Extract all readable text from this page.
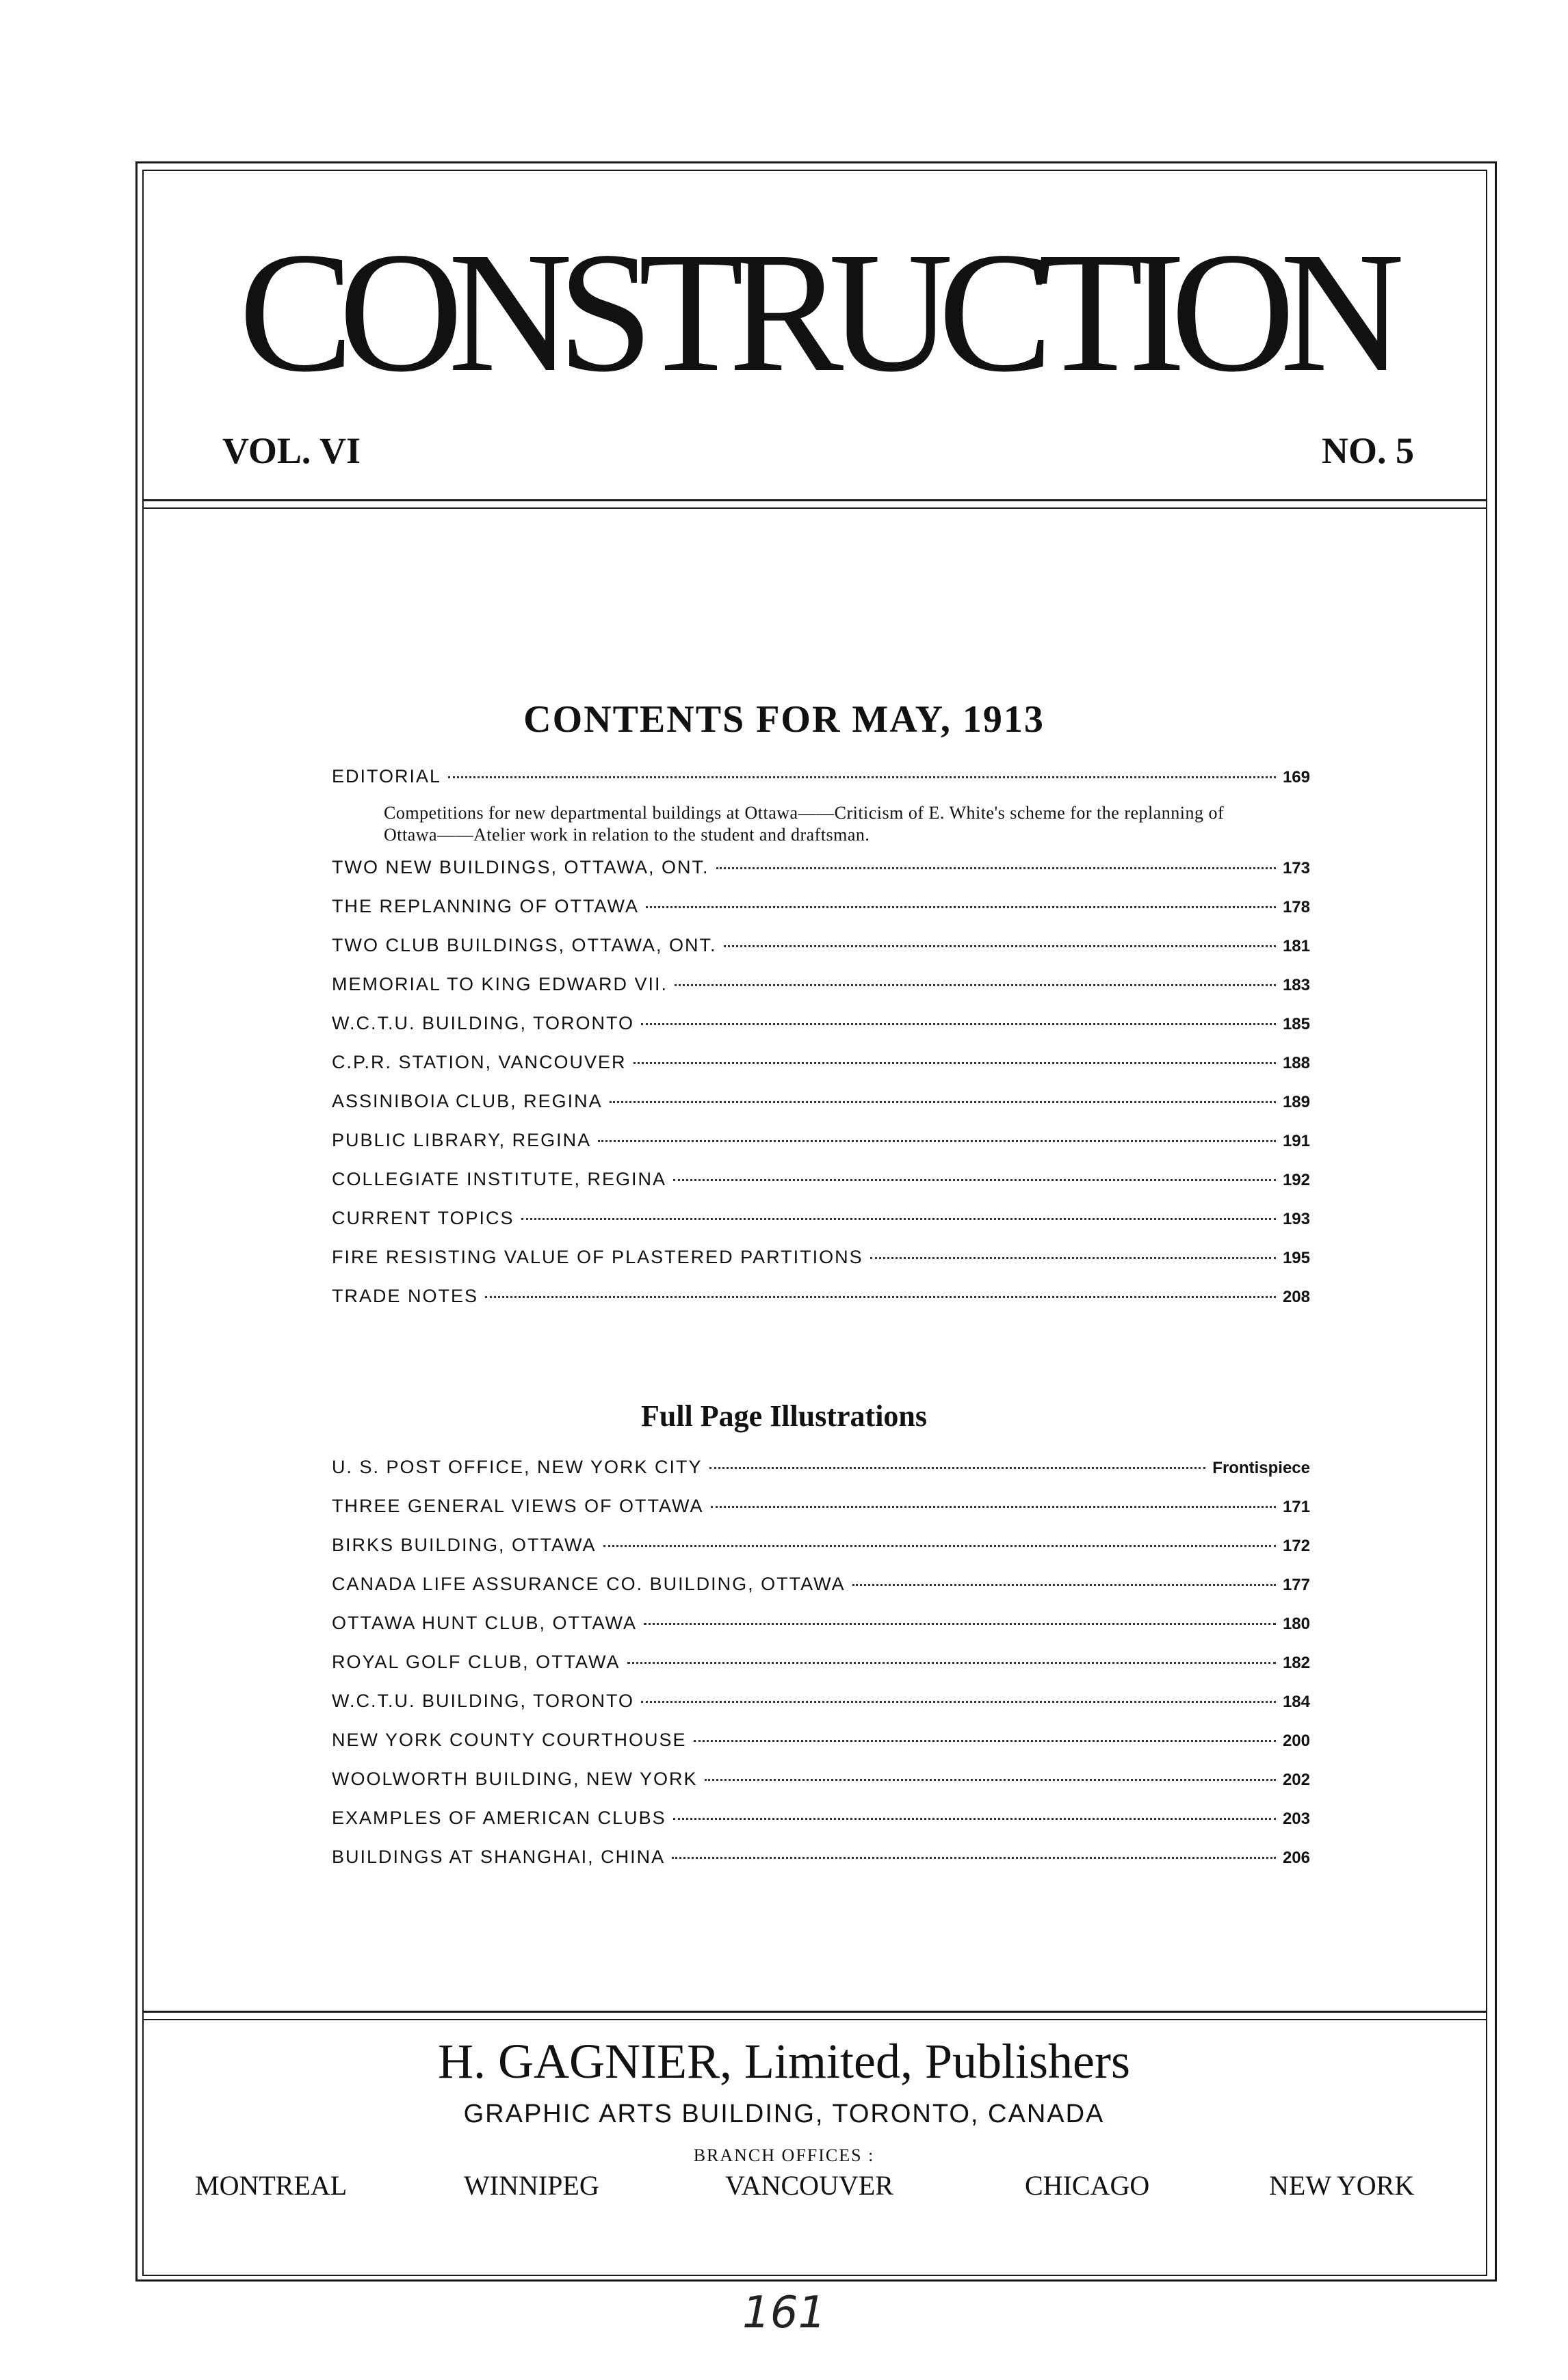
CONSTRUCTION
VOL. VI	NO. 5
CONTENTS FOR MAY, 1913
EDITORIAL	169
Competitions for new departmental buildings at Ottawa——Criticism of E. White's scheme for the replanning of Ottawa——Atelier work in relation to the student and draftsman.
TWO NEW BUILDINGS, OTTAWA, ONT.	173
THE REPLANNING OF OTTAWA	178
TWO CLUB BUILDINGS, OTTAWA, ONT.	181
MEMORIAL TO KING EDWARD VII.	183
W.C.T.U. BUILDING, TORONTO	185
C.P.R. STATION, VANCOUVER	188
ASSINIBOIA CLUB, REGINA	189
PUBLIC LIBRARY, REGINA	191
COLLEGIATE INSTITUTE, REGINA	192
CURRENT TOPICS	193
FIRE RESISTING VALUE OF PLASTERED PARTITIONS	195
TRADE NOTES	208
Full Page Illustrations
U. S. POST OFFICE, NEW YORK CITY	Frontispiece
THREE GENERAL VIEWS OF OTTAWA	171
BIRKS BUILDING, OTTAWA	172
CANADA LIFE ASSURANCE CO. BUILDING, OTTAWA	177
OTTAWA HUNT CLUB, OTTAWA	180
ROYAL GOLF CLUB, OTTAWA	182
W.C.T.U. BUILDING, TORONTO	184
NEW YORK COUNTY COURTHOUSE	200
WOOLWORTH BUILDING, NEW YORK	202
EXAMPLES OF AMERICAN CLUBS	203
BUILDINGS AT SHANGHAI, CHINA	206
H. GAGNIER, Limited, Publishers
GRAPHIC ARTS BUILDING, TORONTO, CANADA
BRANCH OFFICES :
MONTREAL	WINNIPEG	VANCOUVER	CHICAGO	NEW YORK
161
